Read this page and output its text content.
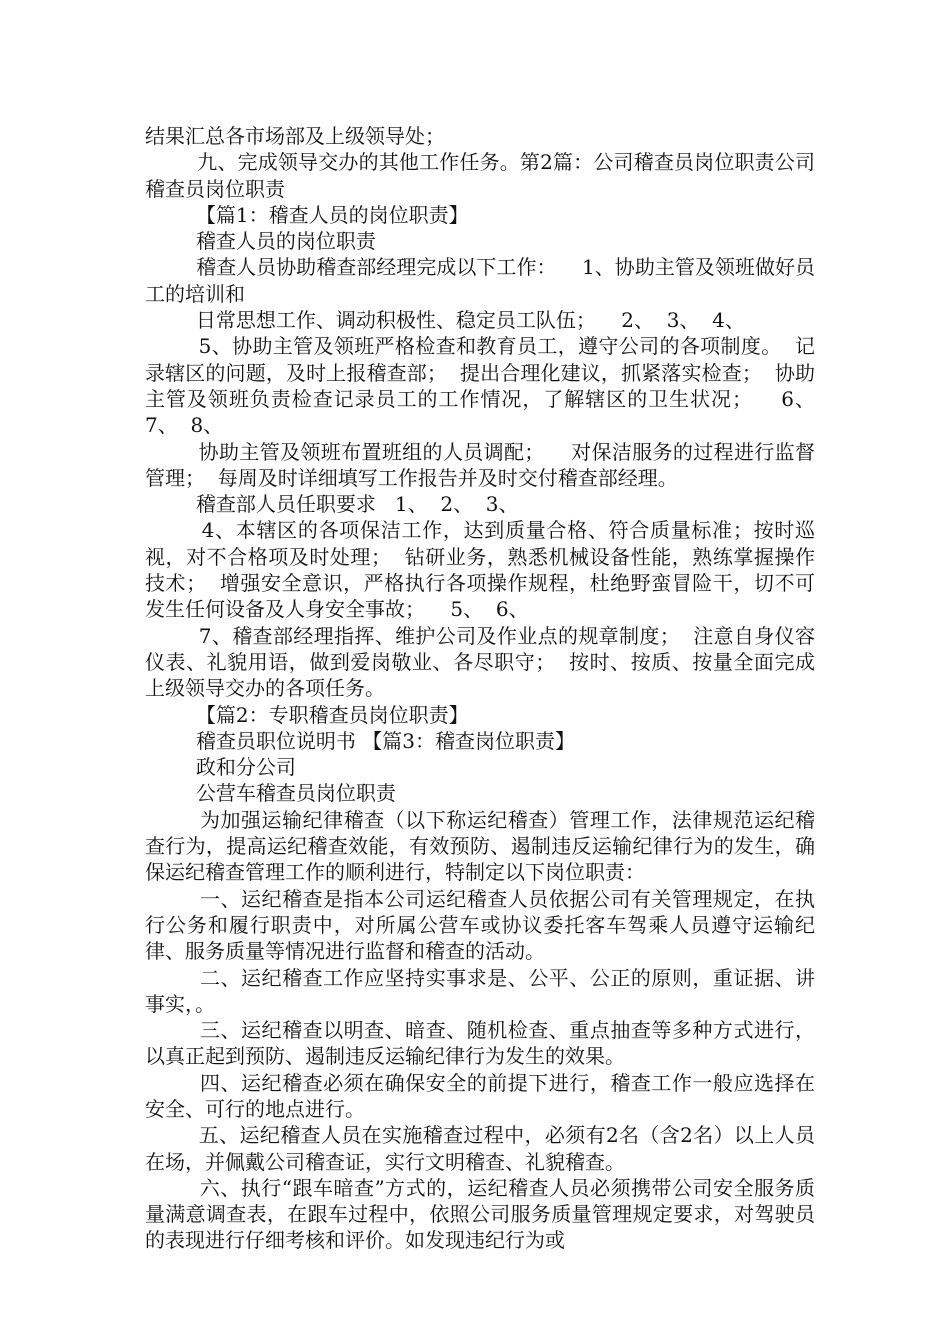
结果汇总各市场部及上级领导处；

九、完成领导交办的其他工作任务。第2篇：公司稽查员岗位职责公司稽查员岗位职责

【篇1：稽查人员的岗位职责】

稽查人员的岗位职责

稽查人员协助稽查部经理完成以下工作：    1、协助主管及领班做好员工的培训和

日常思想工作、调动积极性、稳定员工队伍；    2、  3、  4、

5、协助主管及领班严格检查和教育员工，遵守公司的各项制度。  记录辖区的问题，及时上报稽查部；  提出合理化建议，抓紧落实检查；  协助主管及领班负责检查记录员工的工作情况，了解辖区的卫生状况；    6、  7、  8、

协助主管及领班布置班组的人员调配；    对保洁服务的过程进行监督管理；  每周及时详细填写工作报告并及时交付稽查部经理。

稽查部人员任职要求   1、  2、  3、

4、本辖区的各项保洁工作，达到质量合格、符合质量标准；按时巡视，对不合格项及时处理；  钻研业务，熟悉机械设备性能，熟练掌握操作技术；  增强安全意识，严格执行各项操作规程，杜绝野蛮冒险干，切不可发生任何设备及人身安全事故；    5、  6、

7、稽查部经理指挥、维护公司及作业点的规章制度；  注意自身仪容仪表、礼貌用语，做到爱岗敬业、各尽职守；  按时、按质、按量全面完成上级领导交办的各项任务。

【篇2：专职稽查员岗位职责】

稽查员职位说明书 【篇3：稽查岗位职责】

政和分公司

公营车稽查员岗位职责

为加强运输纪律稽查（以下称运纪稽查）管理工作，法律规范运纪稽查行为，提高运纪稽查效能，有效预防、遏制违反运输纪律行为的发生，确保运纪稽查管理工作的顺利进行，特制定以下岗位职责：

一、运纪稽查是指本公司运纪稽查人员依据公司有关管理规定，在执行公务和履行职责中，对所属公营车或协议委托客车驾乘人员遵守运输纪律、服务质量等情况进行监督和稽查的活动。

二、运纪稽查工作应坚持实事求是、公平、公正的原则，重证据、讲事实，。

三、运纪稽查以明查、暗查、随机检查、重点抽查等多种方式进行，以真正起到预防、遏制违反运输纪律行为发生的效果。

四、运纪稽查必须在确保安全的前提下进行，稽查工作一般应选择在安全、可行的地点进行。

五、运纪稽查人员在实施稽查过程中，必须有2名（含2名）以上人员在场，并佩戴公司稽查证，实行文明稽查、礼貌稽查。

六、执行“跟车暗查”方式的，运纪稽查人员必须携带公司安全服务质量满意调查表，在跟车过程中，依照公司服务质量管理规定要求，对驾驶员的表现进行仔细考核和评价。如发现违纪行为或
